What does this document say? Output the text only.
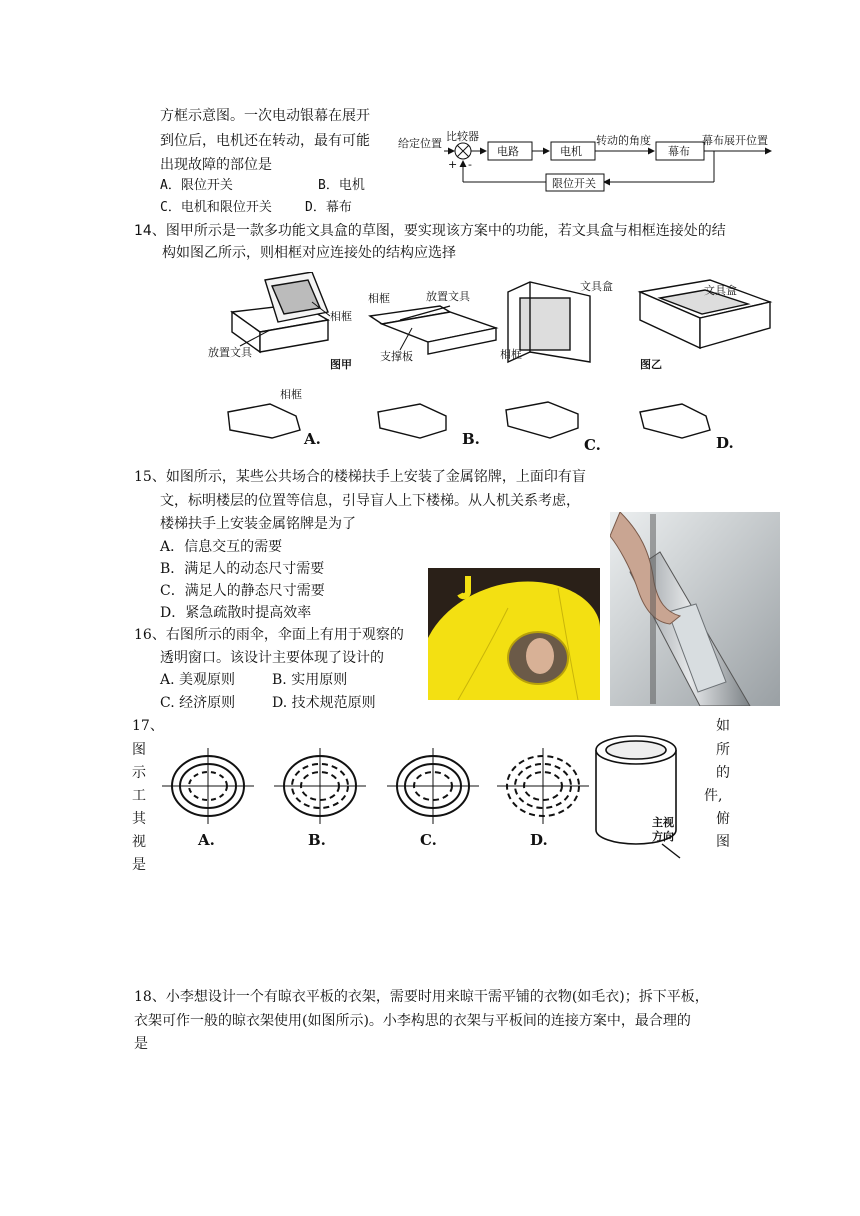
方框示意图。一次电动银幕在展开
到位后，电机还在转动，最有可能
出现故障的部位是
A．限位开关	B．电机
C．电机和限位开关	D．幕布
给定位置
比较器
+ -
电路	电机
转动的角度
幕布
幕布展开位置
限位开关
14、图甲所示是一款多功能文具盒的草图，要实现该方案中的功能，若文具盒与相框连接处的结
构如图乙所示，则相框对应连接处的结构应选择
相框
放置文具
相框	放置文具
支撑板
图甲
文具盒
相框
文具盒
图乙
相框
A.	B.	C.	D.
15、如图所示，某些公共场合的楼梯扶手上安装了金属铭牌，上面印有盲
文，标明楼层的位置等信息，引导盲人上下楼梯。从人机关系考虑，
楼梯扶手上安装金属铭牌是为了
A．信息交互的需要
B．满足人的动态尺寸需要
C．满足人的静态尺寸需要
D．紧急疏散时提高效率
16、右图所示的雨伞，伞面上有用于观察的
透明窗口。该设计主要体现了设计的
A. 美观原则	B. 实用原则
C. 经济原则	D. 技术规范原则
17、
图
示
工
其
视
是
如
所
的
件,
俯
图
A.	B.	C.	D.
主视
方向
18、小李想设计一个有晾衣平板的衣架，需要时用来晾干需平铺的衣物(如毛衣)；拆下平板，
衣架可作一般的晾衣架使用(如图所示)。小李构思的衣架与平板间的连接方案中，最合理的
是
